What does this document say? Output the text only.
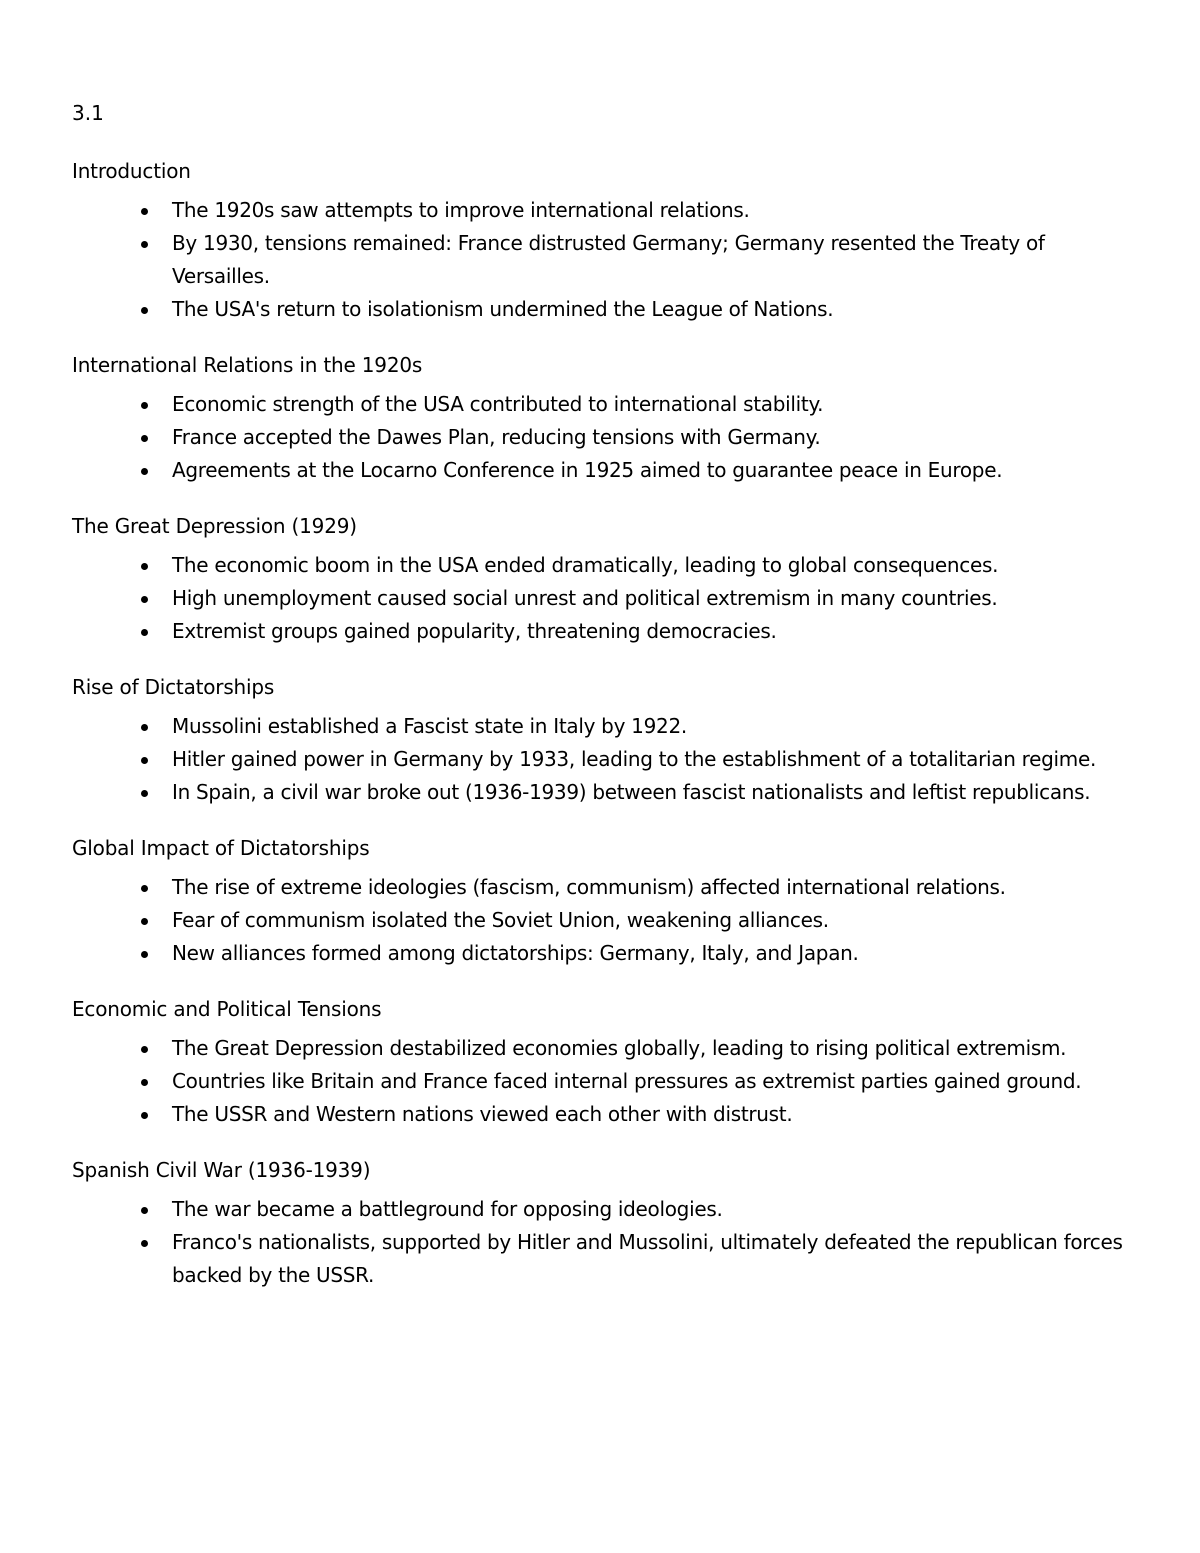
3.1
Introduction
The 1920s saw attempts to improve international relations.
By 1930, tensions remained: France distrusted Germany; Germany resented the Treaty of Versailles.
The USA's return to isolationism undermined the League of Nations.
International Relations in the 1920s
Economic strength of the USA contributed to international stability.
France accepted the Dawes Plan, reducing tensions with Germany.
Agreements at the Locarno Conference in 1925 aimed to guarantee peace in Europe.
The Great Depression (1929)
The economic boom in the USA ended dramatically, leading to global consequences.
High unemployment caused social unrest and political extremism in many countries.
Extremist groups gained popularity, threatening democracies.
Rise of Dictatorships
Mussolini established a Fascist state in Italy by 1922.
Hitler gained power in Germany by 1933, leading to the establishment of a totalitarian regime.
In Spain, a civil war broke out (1936-1939) between fascist nationalists and leftist republicans.
Global Impact of Dictatorships
The rise of extreme ideologies (fascism, communism) affected international relations.
Fear of communism isolated the Soviet Union, weakening alliances.
New alliances formed among dictatorships: Germany, Italy, and Japan.
Economic and Political Tensions
The Great Depression destabilized economies globally, leading to rising political extremism.
Countries like Britain and France faced internal pressures as extremist parties gained ground.
The USSR and Western nations viewed each other with distrust.
Spanish Civil War (1936-1939)
The war became a battleground for opposing ideologies.
Franco's nationalists, supported by Hitler and Mussolini, ultimately defeated the republican forces backed by the USSR.
